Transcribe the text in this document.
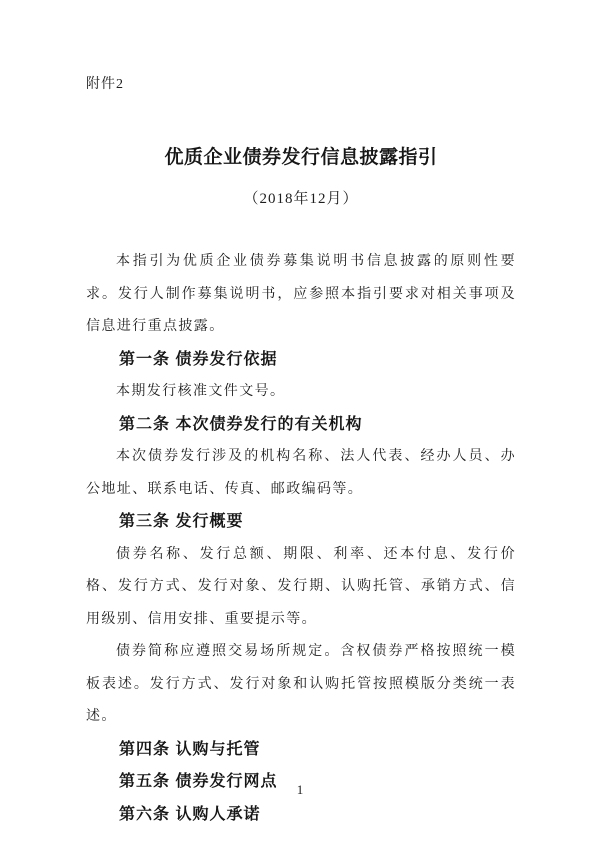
附件2
优质企业债券发行信息披露指引
（2018年12月）

本指引为优质企业债券募集说明书信息披露的原则性要求。发行人制作募集说明书，应参照本指引要求对相关事项及信息进行重点披露。

第一条 债券发行依据

本期发行核准文件文号。

第二条 本次债券发行的有关机构

本次债券发行涉及的机构名称、法人代表、经办人员、办公地址、联系电话、传真、邮政编码等。

第三条 发行概要

债券名称、发行总额、期限、利率、还本付息、发行价格、发行方式、发行对象、发行期、认购托管、承销方式、信用级别、信用安排、重要提示等。

债券简称应遵照交易场所规定。含权债券严格按照统一模板表述。发行方式、发行对象和认购托管按照模版分类统一表述。

第四条 认购与托管
第五条 债券发行网点
第六条 认购人承诺
1
